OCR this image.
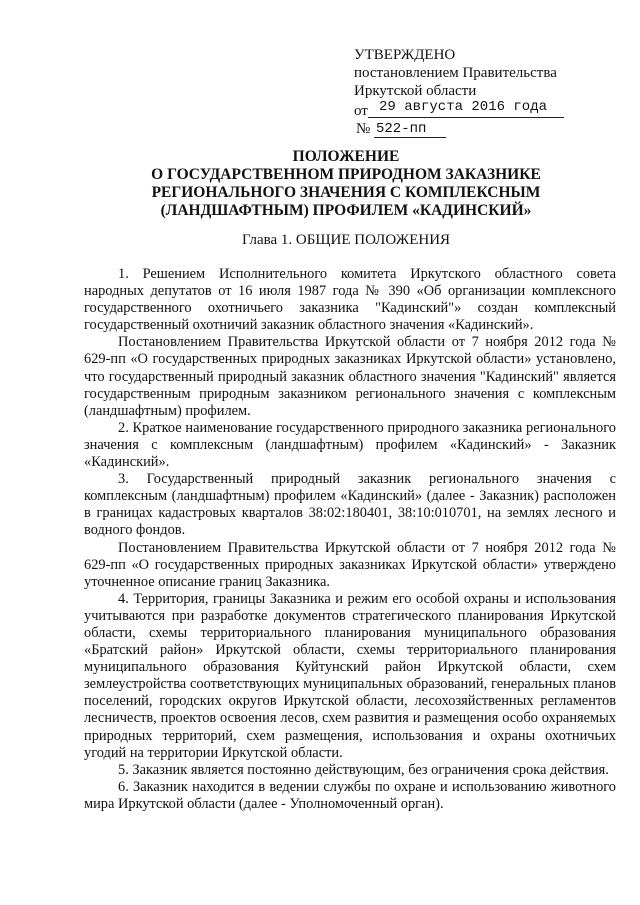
УТВЕРЖДЕНО
постановлением Правительства
Иркутской области
от 29 августа 2016 года
№ 522-пп
ПОЛОЖЕНИЕ
О ГОСУДАРСТВЕННОМ ПРИРОДНОМ ЗАКАЗНИКЕ
РЕГИОНАЛЬНОГО ЗНАЧЕНИЯ С КОМПЛЕКСНЫМ
(ЛАНДШАФТНЫМ) ПРОФИЛЕМ «КАДИНСКИЙ»
Глава 1. ОБЩИЕ ПОЛОЖЕНИЯ

1. Решением Исполнительного комитета Иркутского областного совета народных депутатов от 16 июля 1987 года № 390 «Об организации комплексного государственного охотничьего заказника "Кадинский"» создан комплексный государственный охотничий заказник областного значения «Кадинский».

Постановлением Правительства Иркутской области от 7 ноября 2012 года № 629-пп «О государственных природных заказниках Иркутской области» установлено, что государственный природный заказник областного значения "Кадинский" является государственным природным заказником регионального значения с комплексным (ландшафтным) профилем.

2. Краткое наименование государственного природного заказника регионального значения с комплексным (ландшафтным) профилем «Кадинский» - Заказник «Кадинский».

3. Государственный природный заказник регионального значения с комплексным (ландшафтным) профилем «Кадинский» (далее - Заказник) расположен в границах кадастровых кварталов 38:02:180401, 38:10:010701, на землях лесного и водного фондов.

Постановлением Правительства Иркутской области от 7 ноября 2012 года № 629-пп «О государственных природных заказниках Иркутской области» утверждено уточненное описание границ Заказника.

4. Территория, границы Заказника и режим его особой охраны и использования учитываются при разработке документов стратегического планирования Иркутской области, схемы территориального планирования муниципального образования «Братский район» Иркутской области, схемы территориального планирования муниципального образования Куйтунский район Иркутской области, схем землеустройства соответствующих муниципальных образований, генеральных планов поселений, городских округов Иркутской области, лесохозяйственных регламентов лесничеств, проектов освоения лесов, схем развития и размещения особо охраняемых природных территорий, схем размещения, использования и охраны охотничьих угодий на территории Иркутской области.

5. Заказник является постоянно действующим, без ограничения срока действия.

6. Заказник находится в ведении службы по охране и использованию животного мира Иркутской области (далее - Уполномоченный орган).
